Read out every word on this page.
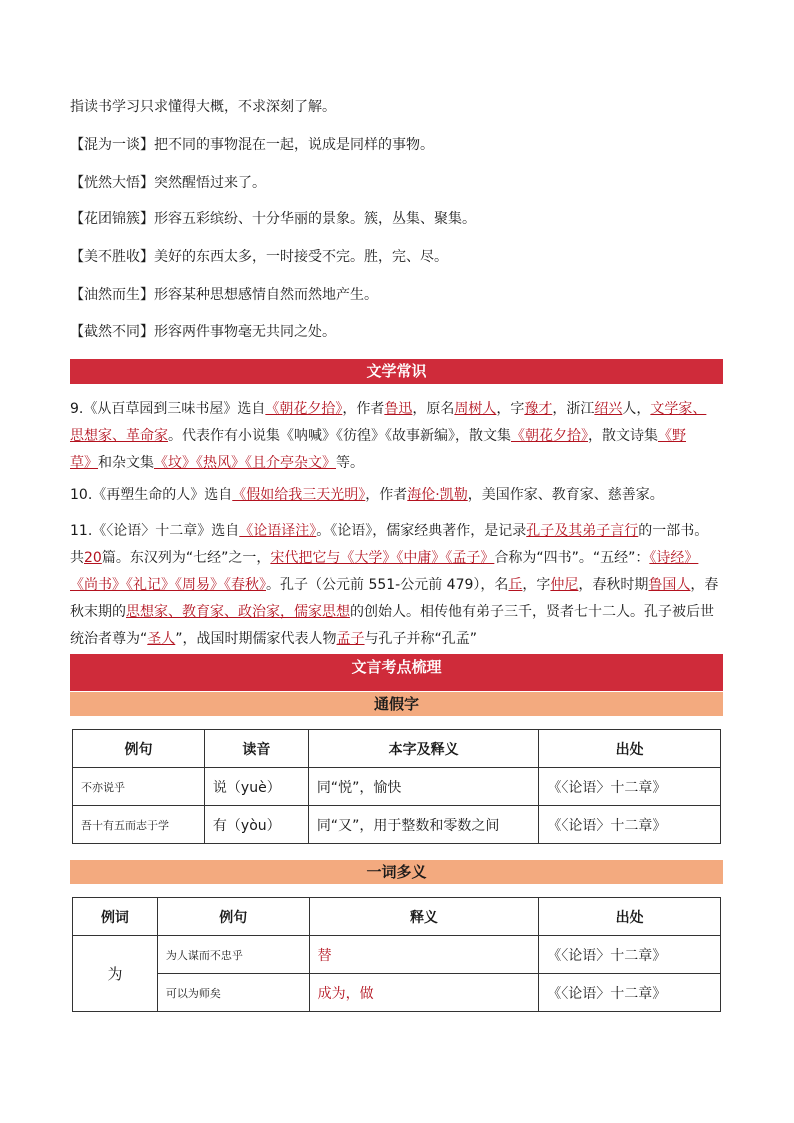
指读书学习只求懂得大概，不求深刻了解。
【混为一谈】把不同的事物混在一起，说成是同样的事物。
【恍然大悟】突然醒悟过来了。
【花团锦簇】形容五彩缤纷、十分华丽的景象。簇，丛集、聚集。
【美不胜收】美好的东西太多，一时接受不完。胜，完、尽。
【油然而生】形容某种思想感情自然而然地产生。
【截然不同】形容两件事物毫无共同之处。
文学常识
9.《从百草园到三味书屋》选自《朝花夕拾》，作者鲁迅，原名周树人，字豫才，浙江绍兴人，文学家、
思想家、革命家。代表作有小说集《呐喊》《彷徨》《故事新编》，散文集《朝花夕拾》，散文诗集《野
草》和杂文集《坟》《热风》《且介亭杂文》等。
10.《再塑生命的人》选自《假如给我三天光明》，作者海伦·凯勒，美国作家、教育家、慈善家。
11.《〈论语〉十二章》选自《论语译注》。《论语》，儒家经典著作，是记录孔子及其弟子言行的一部书。
共20篇。东汉列为“七经”之一，宋代把它与《大学》《中庸》《孟子》合称为“四书”。“五经”：《诗经》
《尚书》《礼记》《周易》《春秋》。孔子（公元前 551-公元前 479），名丘，字仲尼，春秋时期鲁国人，春
秋末期的思想家、教育家、政治家，儒家思想的创始人。相传他有弟子三千，贤者七十二人。孔子被后世
统治者尊为“圣人”，战国时期儒家代表人物孟子与孔子并称“孔孟”
文言考点梳理
通假字
例句	读音	本字及释义	出处
不亦说乎	说（yuè）	同“悦”，愉快	《〈论语〉十二章》
吾十有五而志于学	有（yòu）	同“又”，用于整数和零数之间	《〈论语〉十二章》
一词多义
例词	例句	释义	出处
为	为人谋而不忠乎	替	《〈论语〉十二章》
	可以为师矣	成为，做	《〈论语〉十二章》
